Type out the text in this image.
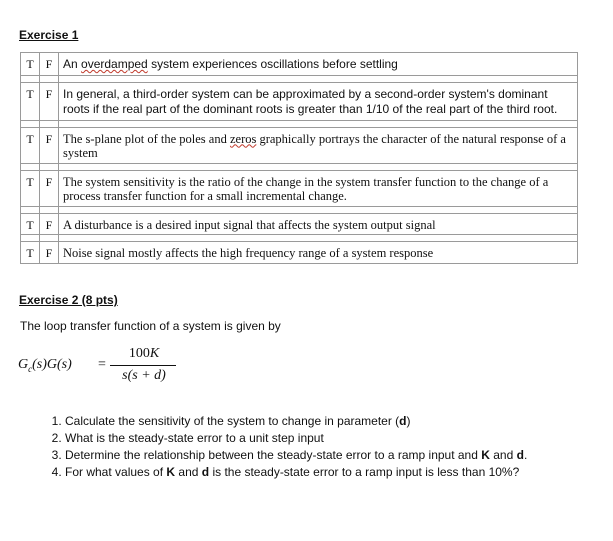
Exercise 1
T	F	An overdamped system experiences oscillations before settling

T	F	In general, a third-order system can be approximated by a second-order system's dominant roots if the real part of the dominant roots is greater than 1/10 of the real part of the third root.

T	F	The s-plane plot of the poles and zeros graphically portrays the character of the natural response of a system

T	F	The system sensitivity is the ratio of the change in the system transfer function to the change of a process transfer function for a small incremental change.

T	F	A disturbance is a desired input signal that affects the system output signal

T	F	Noise signal mostly affects the high frequency range of a system response
Exercise 2 (8 pts)
The loop transfer function of a system is given by
$G_c(s)G(s)$ =
100K
s(s + d)
1. Calculate the sensitivity of the system to change in parameter (d)
2. What is the steady-state error to a unit step input
3. Determine the relationship between the steady-state error to a ramp input and K and d.
4. For what values of K and d is the steady-state error to a ramp input is less than 10%?
